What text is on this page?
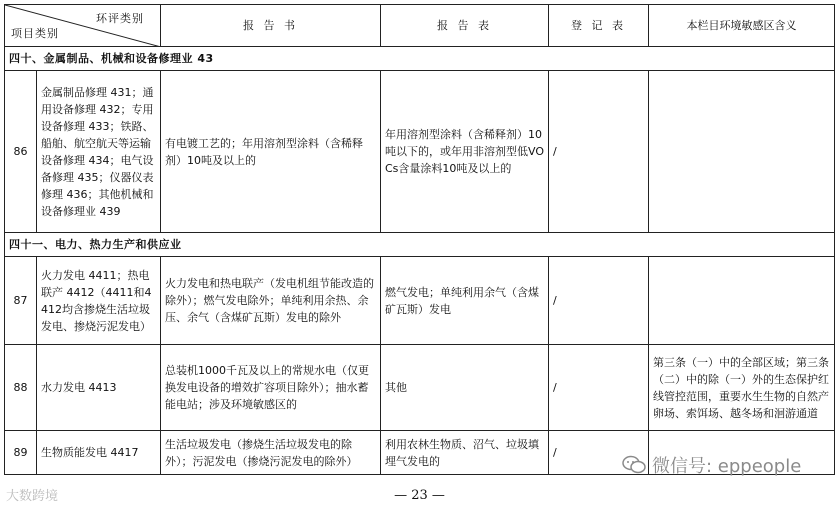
环评类别
项目类别		报 告 书	报 告 表	登 记 表	本栏目环境敏感区含义
四十、金属制品、机械和设备修理业 43					
86	金属制品修理 431；通用设备修理 432；专用设备修理 433；铁路、船舶、航空航天等运输设备修理 434；电气设备修理 435；仪器仪表修理 436；其他机械和设备修理业 439	有电镀工艺的；年用溶剂型涂料（含稀释剂）10吨及以上的	年用溶剂型涂料（含稀释剂）10吨以下的，或年用非溶剂型低VOCs含量涂料10吨及以上的	/	
四十一、电力、热力生产和供应业					
87	火力发电 4411；热电联产 4412（4411和4412均含掺烧生活垃圾发电、掺烧污泥发电）	火力发电和热电联产（发电机组节能改造的除外）；燃气发电除外；单纯利用余热、余压、余气（含煤矿瓦斯）发电的除外	燃气发电；单纯利用余气（含煤矿瓦斯）发电	/	
88	水力发电 4413	总装机1000千瓦及以上的常规水电（仅更换发电设备的增效扩容项目除外）；抽水蓄能电站；涉及环境敏感区的	其他	/	第三条（一）中的全部区域；第三条（二）中的除（一）外的生态保护红线管控范围，重要水生生物的自然产卵场、索饵场、越冬场和洄游通道
89	生物质能发电 4417	生活垃圾发电（掺烧生活垃圾发电的除外）；污泥发电（掺烧污泥发电的除外）	利用农林生物质、沼气、垃圾填埋气发电的	/	
微信号: eppeople
大数跨境	— 23 —
